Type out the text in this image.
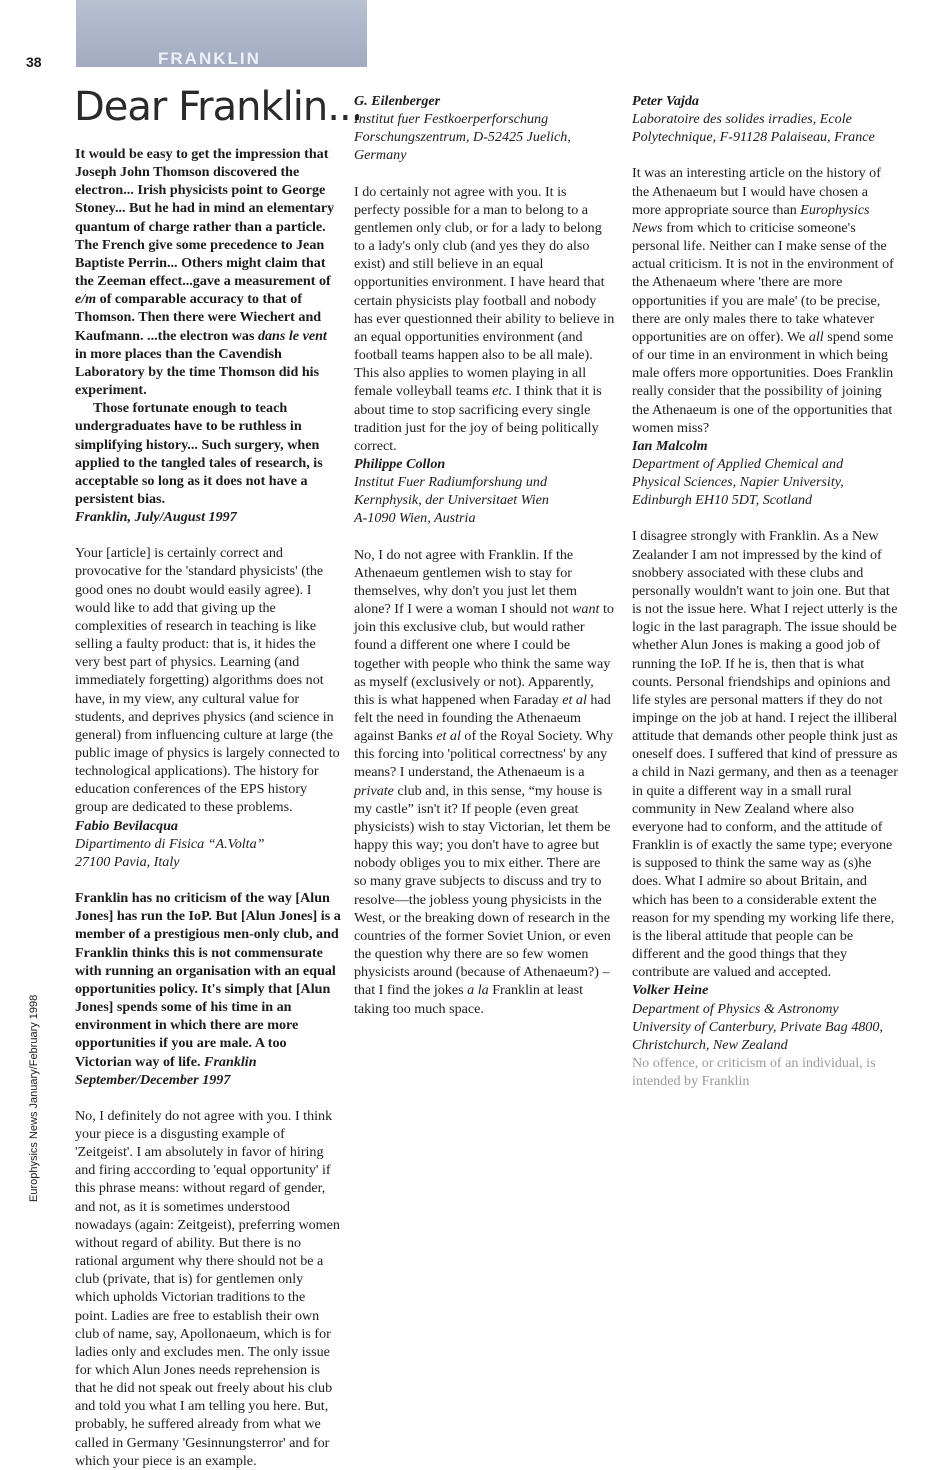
38	FRANKLIN
Europhysics News January/February 1998
Dear Franklin...
It would be easy to get the impression that Joseph John Thomson discovered the electron... Irish physicists point to George Stoney... But he had in mind an elementary quantum of charge rather than a particle. The French give some precedence to Jean Baptiste Perrin... Others might claim that the Zeeman effect...gave a measurement of e/m of comparable accuracy to that of Thomson. Then there were Wiechert and Kaufmann. ...the electron was dans le vent in more places than the Cavendish Laboratory by the time Thomson did his experiment.
Those fortunate enough to teach undergraduates have to be ruthless in simplifying history... Such surgery, when applied to the tangled tales of research, is acceptable so long as it does not have a persistent bias.
Franklin, July/August 1997

Your [article] is certainly correct and provocative for the 'standard physicists' (the good ones no doubt would easily agree). I would like to add that giving up the complexities of research in teaching is like selling a faulty product: that is, it hides the very best part of physics. Learning (and immediately forgetting) algorithms does not have, in my view, any cultural value for students, and deprives physics (and science in general) from influencing culture at large (the public image of physics is largely connected to technological applications). The history for education conferences of the EPS history group are dedicated to these problems.
Fabio Bevilacqua
Dipartimento di Fisica “A.Volta”
27100 Pavia, Italy

Franklin has no criticism of the way [Alun Jones] has run the IoP. But [Alun Jones] is a member of a prestigious men-only club, and Franklin thinks this is not commensurate with running an organisation with an equal opportunities policy. It's simply that [Alun Jones] spends some of his time in an environment in which there are more opportunities if you are male. A too Victorian way of life. Franklin September/December 1997

No, I definitely do not agree with you. I think your piece is a disgusting example of 'Zeitgeist'. I am absolutely in favor of hiring and firing acccording to 'equal opportunity' if this phrase means: without regard of gender, and not, as it is sometimes understood nowadays (again: Zeitgeist), preferring women without regard of ability. But there is no rational argument why there should not be a club (private, that is) for gentlemen only which upholds Victorian traditions to the point. Ladies are free to establish their own club of name, say, Apollonaeum, which is for ladies only and excludes men. The only issue for which Alun Jones needs reprehension is that he did not speak out freely about his club and told you what I am telling you here. But, probably, he suffered already from what we called in Germany 'Gesinnungsterror' and for which your piece is an example.

G. Eilenberger
Institut fuer Festkoerperforschung
Forschungszentrum, D-52425 Juelich,
Germany

I do certainly not agree with you. It is perfecty possible for a man to belong to a gentlemen only club, or for a lady to belong to a lady's only club (and yes they do also exist) and still believe in an equal opportunities environment. I have heard that certain physicists play football and nobody has ever questionned their ability to believe in an equal opportunities environment (and football teams happen also to be all male). This also applies to women playing in all female volleyball teams etc. I think that it is about time to stop sacrificing every single tradition just for the joy of being politically correct.
Philippe Collon
Institut Fuer Radiumforshung und
Kernphysik, der Universitaet Wien
A-1090 Wien, Austria

No, I do not agree with Franklin. If the Athenaeum gentlemen wish to stay for themselves, why don't you just let them alone? If I were a woman I should not want to join this exclusive club, but would rather found a different one where I could be together with people who think the same way as myself (exclusively or not). Apparently, this is what happened when Faraday et al had felt the need in founding the Athenaeum against Banks et al of the Royal Society. Why this forcing into 'political correctness' by any means? I understand, the Athenaeum is a private club and, in this sense, “my house is my castle” isn't it? If people (even great physicists) wish to stay Victorian, let them be happy this way; you don't have to agree but nobody obliges you to mix either. There are so many grave subjects to discuss and try to resolve—the jobless young physicists in the West, or the breaking down of research in the countries of the former Soviet Union, or even the question why there are so few women physicists around (because of Athenaeum?) – that I find the jokes a la Franklin at least taking too much space.

Peter Vajda
Laboratoire des solides irradies, Ecole
Polytechnique, F-91128 Palaiseau, France

It was an interesting article on the history of the Athenaeum but I would have chosen a more appropriate source than Europhysics News from which to criticise someone's personal life. Neither can I make sense of the actual criticism. It is not in the environment of the Athenaeum where 'there are more opportunities if you are male' (to be precise, there are only males there to take whatever opportunities are on offer). We all spend some of our time in an environment in which being male offers more opportunities. Does Franklin really consider that the possibility of joining the Athenaeum is one of the opportunities that women miss?
Ian Malcolm
Department of Applied Chemical and
Physical Sciences, Napier University,
Edinburgh EH10 5DT, Scotland

I disagree strongly with Franklin. As a New Zealander I am not impressed by the kind of snobbery associated with these clubs and personally wouldn't want to join one. But that is not the issue here. What I reject utterly is the logic in the last paragraph. The issue should be whether Alun Jones is making a good job of running the IoP. If he is, then that is what counts. Personal friendships and opinions and life styles are personal matters if they do not impinge on the job at hand. I reject the illiberal attitude that demands other people think just as oneself does. I suffered that kind of pressure as a child in Nazi germany, and then as a teenager in quite a different way in a small rural community in New Zealand where also everyone had to conform, and the attitude of Franklin is of exactly the same type; everyone is supposed to think the same way as (s)he does. What I admire so about Britain, and which has been to a considerable extent the reason for my spending my working life there, is the liberal attitude that people can be different and the good things that they contribute are valued and accepted.
Volker Heine
Department of Physics & Astronomy
University of Canterbury, Private Bag 4800,
Christchurch, New Zealand
No offence, or criticism of an individual, is intended by Franklin
